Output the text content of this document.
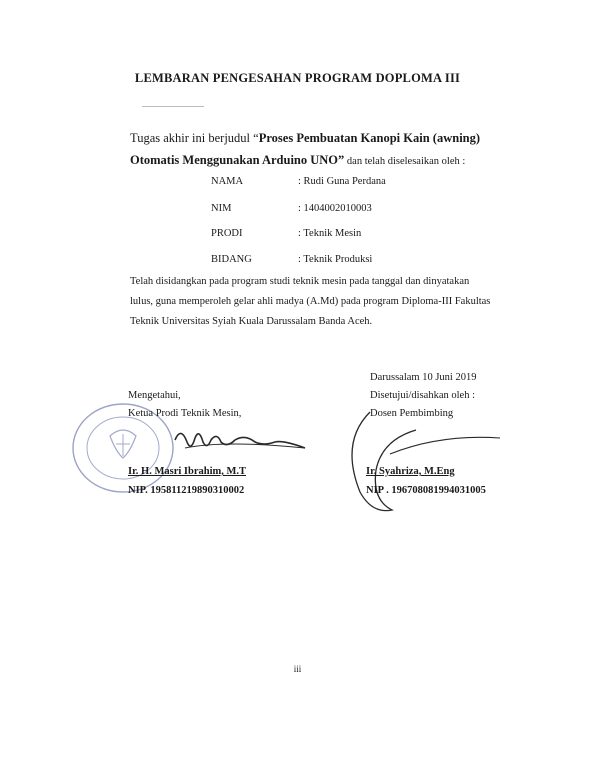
LEMBARAN PENGESAHAN PROGRAM DOPLOMA III
Tugas akhir ini berjudul “Proses Pembuatan Kanopi Kain (awning) Otomatis Menggunakan Arduino UNO” dan telah diselesaikan oleh :
NAMA	: Rudi Guna Perdana
NIM	: 1404002010003
PRODI	: Teknik Mesin
BIDANG	: Teknik Produksi
Telah disidangkan pada program studi teknik mesin pada tanggal dan dinyatakan
lulus, guna memperoleh gelar ahli madya (A.Md) pada program Diploma-III Fakultas
Teknik Universitas Syiah Kuala Darussalam Banda Aceh.
Mengetahui,
Ketua Prodi Teknik Mesin,
Ir. H. Masri Ibrahim, M.T
NIP. 195811219890310002
Darussalam 10 Juni 2019
Disetujui/disahkan oleh :
Dosen Pembimbing
Ir. Syahriza, M.Eng
NIP . 196708081994031005
iii
